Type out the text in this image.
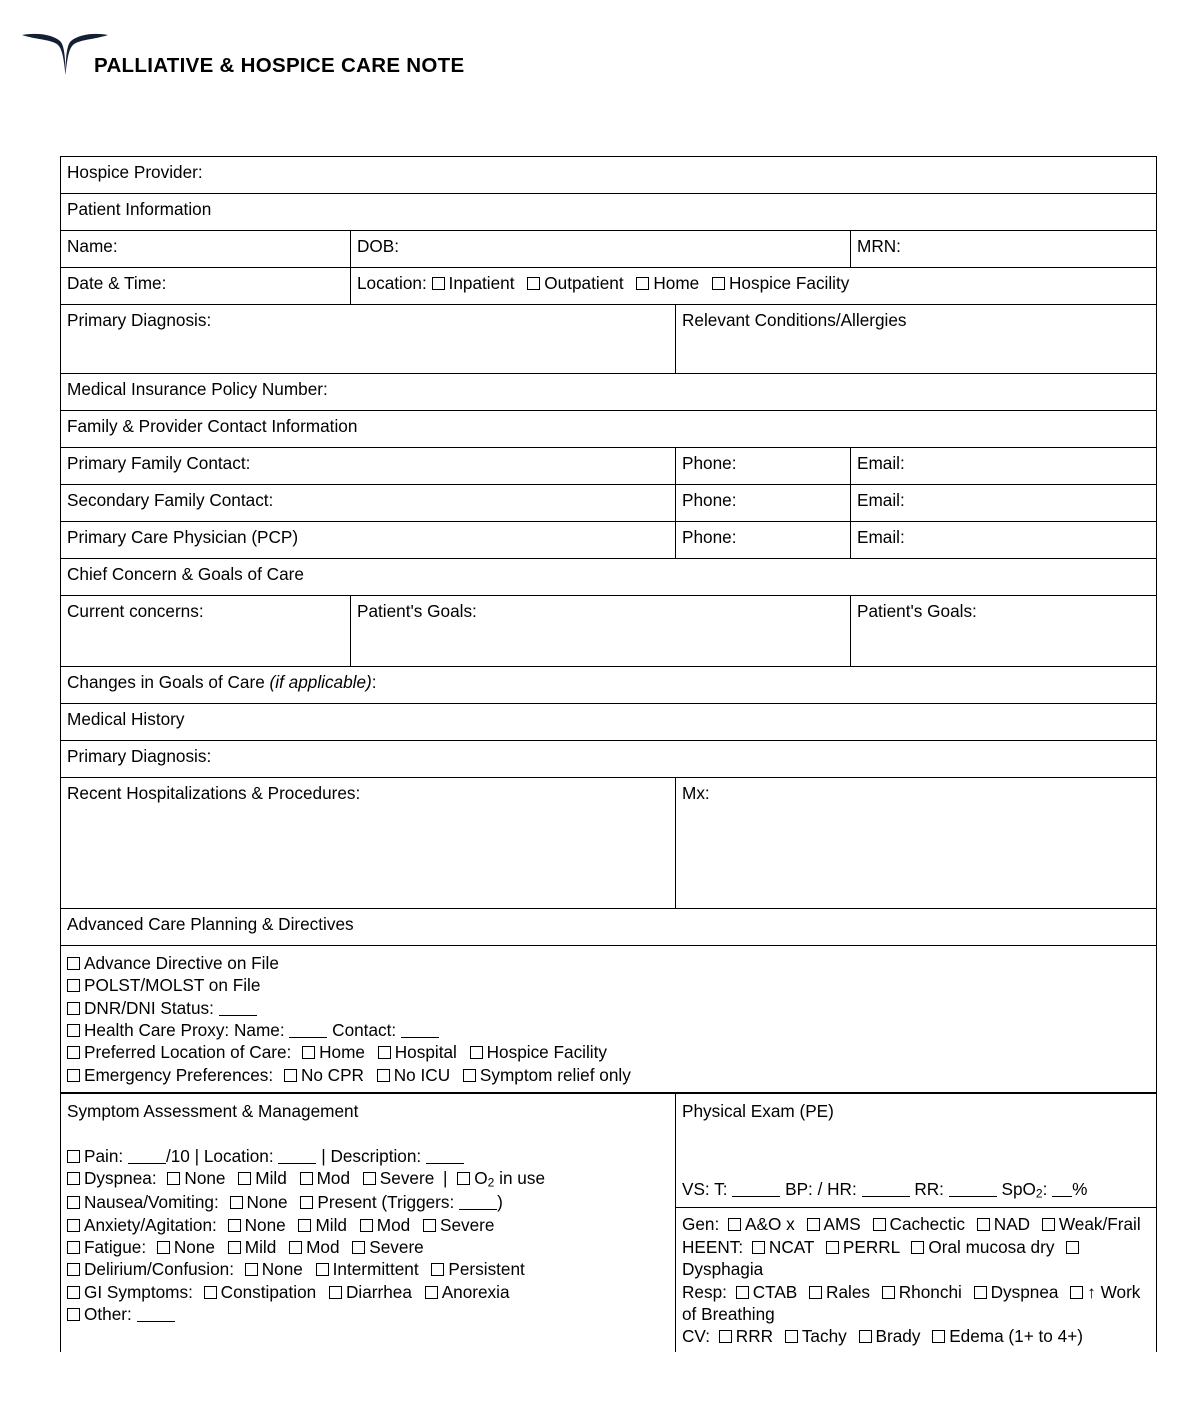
PALLIATIVE & HOSPICE CARE NOTE
Hospice Provider:			
Patient Information			
Name:	DOB:		MRN:
Date & Time:	Location: Inpatient Outpatient Home Hospice Facility		
Primary Diagnosis:		Relevant Conditions/Allergies	
Medical Insurance Policy Number:			
Family & Provider Contact Information			
Primary Family Contact:		Phone:	Email:
Secondary Family Contact:		Phone:	Email:
Primary Care Physician (PCP)		Phone:	Email:
Chief Concern & Goals of Care			
Current concerns:	Patient's Goals:		Patient's Goals:
Changes in Goals of Care (if applicable):			
Medical History			
Primary Diagnosis:			
Recent Hospitalizations & Procedures:		Mx:	
Advanced Care Planning & Directives			

Advance Directive on File
POLST/MOLST on File
DNR/DNI Status:
Health Care Proxy: Name:	Contact:
Preferred Location of Care: Home Hospital Hospice Facility
Emergency Preferences: No CPR No ICU Symptom relief only
Symptom Assessment & Management
Pain: /10 | Location:	| Description:
Dyspnea: None Mild Mod Severe | $O_2$ in use
Nausea/Vomiting: None Present (Triggers: )
Anxiety/Agitation: None Mild Mod Severe
Fatigue: None Mild Mod Severe
Delirium/Confusion: None Intermittent Persistent
GI Symptoms: Constipation Diarrhea Anorexia
Other:

Physical Exam (PE)

VS: T:	BP: / HR:	RR:	SpO$_2$: %

Gen: A&O x AMS Cachectic NAD Weak/Frail
HEENT: NCAT PERRL Oral mucosa dry Dysphagia
Resp: CTAB Rales Rhonchi Dyspnea ↑ Work of Breathing
CV: RRR Tachy Brady Edema (1+ to 4+)
